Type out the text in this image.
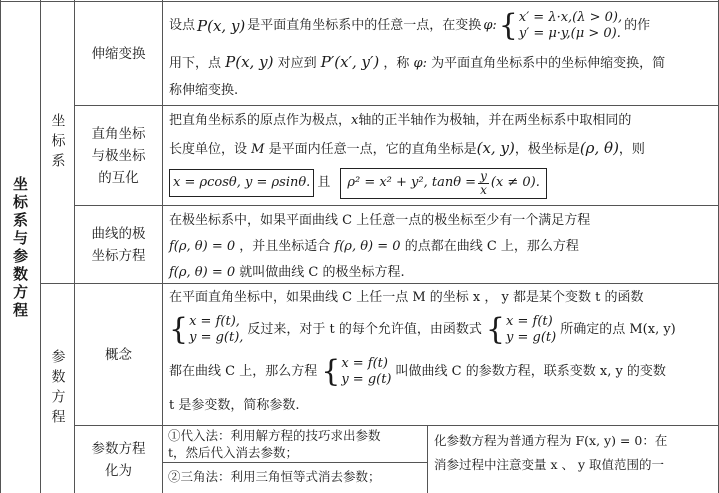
坐标系与参数方程
坐标系
参数方程
伸缩变换
直角坐标
与极坐标
的互化
曲线的极
坐标方程
概念
参数方程
化为
设点 P(x, y) 是平面直角坐标系中的任意一点，在变换 φ: { x′ = λ·x,(λ > 0),
y′ = μ·y,(μ > 0).
的作
用下，点 P(x, y) 对应到 P′(x′, y′) ，称 φ: 为平面直角坐标系中的坐标伸缩变换，简
称伸缩变换.
把直角坐标系的原点作为极点，x轴的正半轴作为极轴，并在两坐标系中取相同的
长度单位，设 M 是平面内任意一点，它的直角坐标是(x, y)，极坐标是(ρ, θ)，则
x = ρcosθ, y = ρsinθ. 且 ρ² = x² + y², $\tan\theta = \frac{y}{x} (x \ne 0)$.
在极坐标系中，如果平面曲线 C 上任意一点的极坐标至少有一个满足方程
f(ρ, θ) = 0 ，并且坐标适合 f(ρ, θ) = 0 的点都在曲线 C 上，那么方程
f(ρ, θ) = 0 就叫做曲线 C 的极坐标方程.
在平面直角坐标中，如果曲线 C 上任一点 M 的坐标 x ， y 都是某个变数 t 的函数
{ x = f(t),
y = g(t),
反过来，对于 t 的每个允许值，由函数式 { x = f(t)
y = g(t)
所确定的点 M(x, y)
都在曲线 C 上，那么方程 { x = f(t)
y = g(t)
叫做曲线 C 的参数方程，联系变数 x, y 的变数
t 是参变数，简称参数.
①代入法：利用解方程的技巧求出参数
t，然后代入消去参数；
②三角法：利用三角恒等式消去参数；
化参数方程为普通方程为 F(x, y) = 0：在
消参过程中注意变量 x 、 y 取值范围的一
